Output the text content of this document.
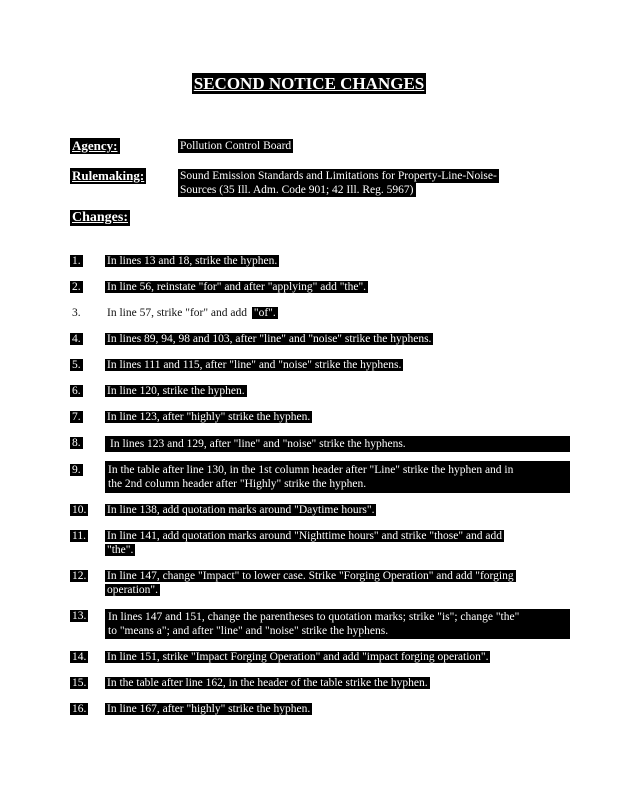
SECOND NOTICE CHANGES
Agency:	Pollution Control Board
Rulemaking:	Sound Emission Standards and Limitations for Property-Line-Noise-
Sources (35 Ill. Adm. Code 901; 42 Ill. Reg. 5967)
Changes:
1.	In lines 13 and 18, strike the hyphen.
2.	In line 56, reinstate "for" and after "applying" add "the".
3.	In line 57, strike "for" and add "of".
4.	In lines 89, 94, 98 and 103, after "line" and "noise" strike the hyphens.
5.	In lines 111 and 115, after "line" and "noise" strike the hyphens.
6.	In line 120, strike the hyphen.
7.	In line 123, after "highly" strike the hyphen.
8.	In lines 123 and 129, after "line" and "noise" strike the hyphens.
9.	In the table after line 130, in the 1st column header after "Line" strike the hyphen and in
the 2nd column header after "Highly" strike the hyphen.
10.	In line 138, add quotation marks around "Daytime hours".
11.	In line 141, add quotation marks around "Nighttime hours" and strike "those" and add
"the".
12.	In line 147, change "Impact" to lower case. Strike "Forging Operation" and add "forging
operation".
13.	In lines 147 and 151, change the parentheses to quotation marks; strike "is"; change "the"
to "means a"; and after "line" and "noise" strike the hyphens.
14.	In line 151, strike "Impact Forging Operation" and add "impact forging operation".
15.	In the table after line 162, in the header of the table strike the hyphen.
16.	In line 167, after "highly" strike the hyphen.
